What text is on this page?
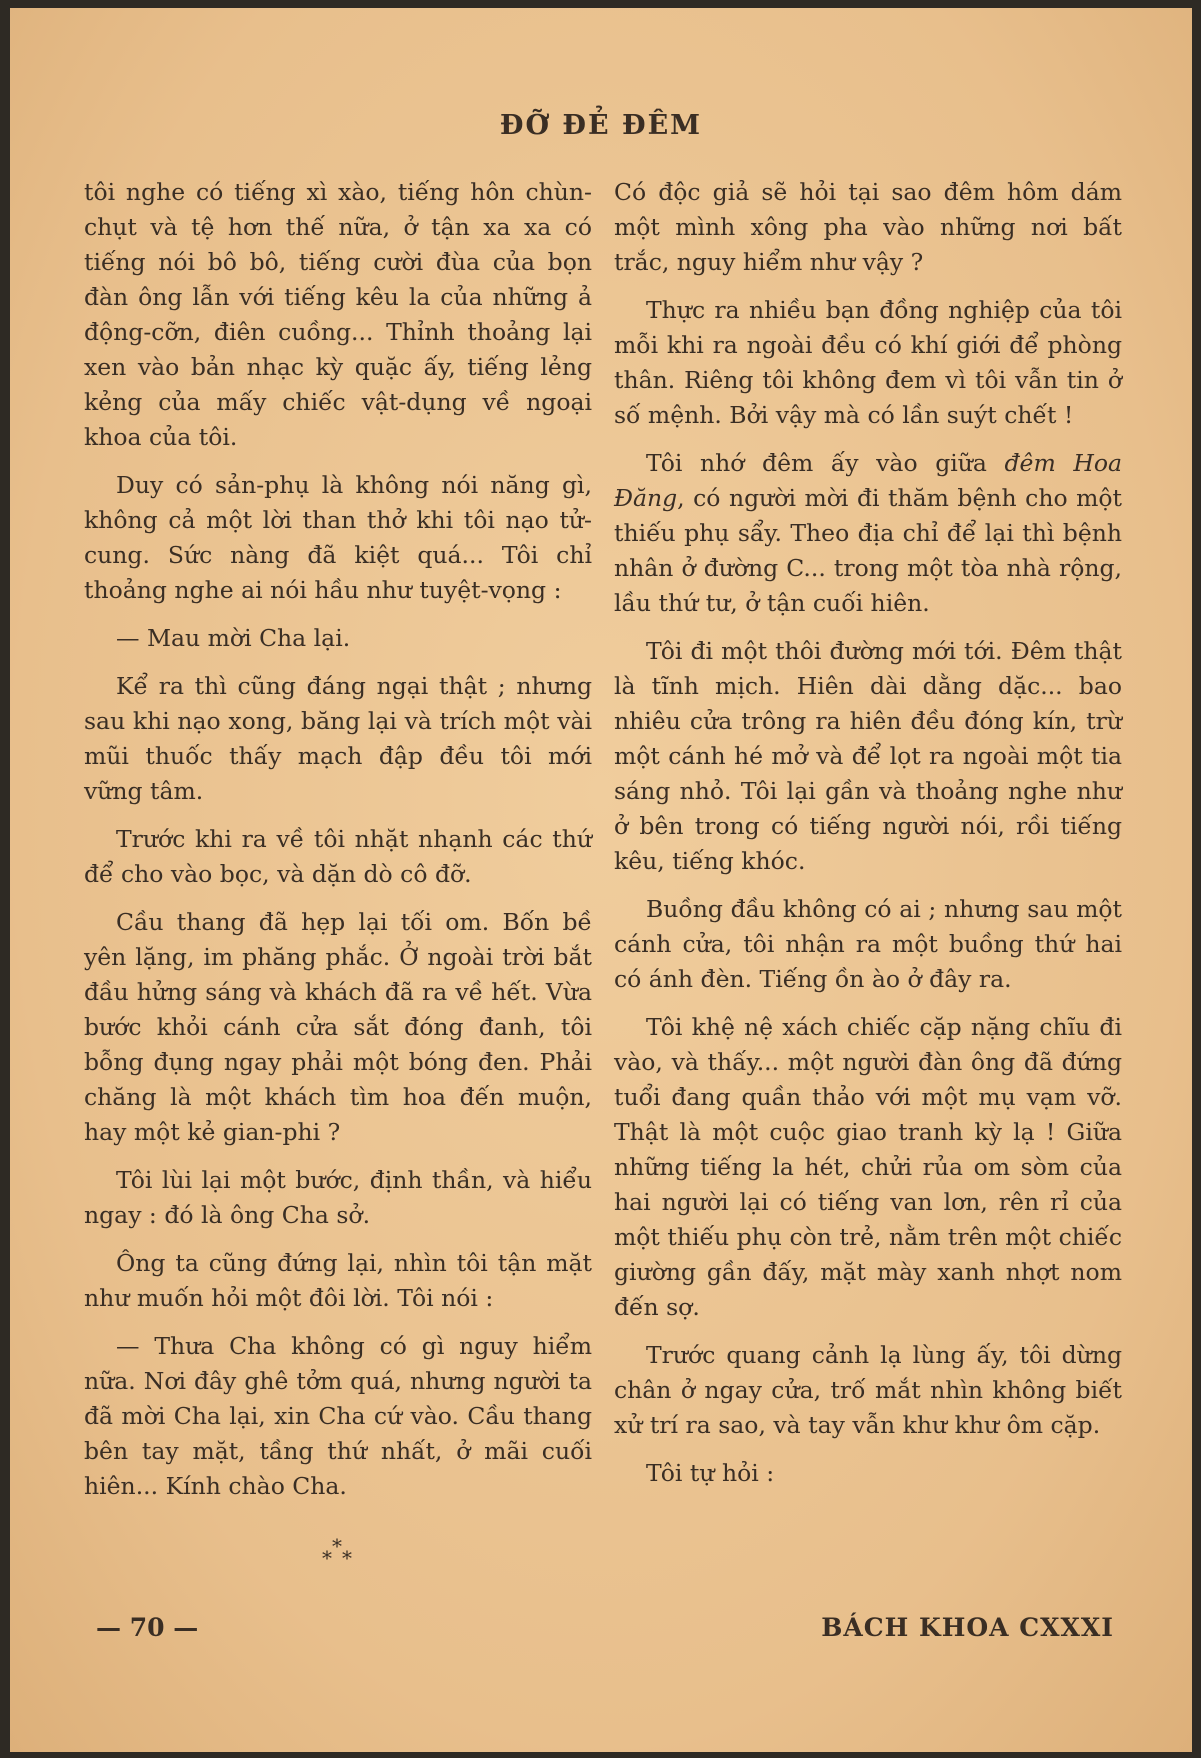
ĐỠ ĐẺ ĐÊM

tôi nghe có tiếng xì xào, tiếng hôn chùn-chụt và tệ hơn thế nữa, ở tận xa xa có tiếng nói bô bô, tiếng cười đùa của bọn đàn ông lẫn với tiếng kêu la của những ả động-cỡn, điên cuồng... Thỉnh thoảng lại xen vào bản nhạc kỳ quặc ấy, tiếng lẻng kẻng của mấy chiếc vật-dụng về ngoại khoa của tôi.

Duy có sản-phụ là không nói năng gì, không cả một lời than thở khi tôi nạo tử-cung. Sức nàng đã kiệt quá... Tôi chỉ thoảng nghe ai nói hầu như tuyệt-vọng :

— Mau mời Cha lại.

Kể ra thì cũng đáng ngại thật ; nhưng sau khi nạo xong, băng lại và trích một vài mũi thuốc thấy mạch đập đều tôi mới vững tâm.

Trước khi ra về tôi nhặt nhạnh các thứ để cho vào bọc, và dặn dò cô đỡ.

Cầu thang đã hẹp lại tối om. Bốn bề yên lặng, im phăng phắc. Ở ngoài trời bắt đầu hửng sáng và khách đã ra về hết. Vừa bước khỏi cánh cửa sắt đóng đanh, tôi bỗng đụng ngay phải một bóng đen. Phải chăng là một khách tìm hoa đến muộn, hay một kẻ gian-phi ?

Tôi lùi lại một bước, định thần, và hiểu ngay : đó là ông Cha sở.

Ông ta cũng đứng lại, nhìn tôi tận mặt như muốn hỏi một đôi lời. Tôi nói :

— Thưa Cha không có gì nguy hiểm nữa. Nơi đây ghê tởm quá, nhưng người ta đã mời Cha lại, xin Cha cứ vào. Cầu thang bên tay mặt, tầng thứ nhất, ở mãi cuối hiên... Kính chào Cha.

*
* *

Có độc giả sẽ hỏi tại sao đêm hôm dám một mình xông pha vào những nơi bất trắc, nguy hiểm như vậy ?

Thực ra nhiều bạn đồng nghiệp của tôi mỗi khi ra ngoài đều có khí giới để phòng thân. Riêng tôi không đem vì tôi vẫn tin ở số mệnh. Bởi vậy mà có lần suýt chết !

Tôi nhớ đêm ấy vào giữa đêm Hoa Đăng, có người mời đi thăm bệnh cho một thiếu phụ sẩy. Theo địa chỉ để lại thì bệnh nhân ở đường C... trong một tòa nhà rộng, lầu thứ tư, ở tận cuối hiên.

Tôi đi một thôi đường mới tới. Đêm thật là tĩnh mịch. Hiên dài dằng dặc... bao nhiêu cửa trông ra hiên đều đóng kín, trừ một cánh hé mở và để lọt ra ngoài một tia sáng nhỏ. Tôi lại gần và thoảng nghe như ở bên trong có tiếng người nói, rồi tiếng kêu, tiếng khóc.

Buồng đầu không có ai ; nhưng sau một cánh cửa, tôi nhận ra một buồng thứ hai có ánh đèn. Tiếng ồn ào ở đây ra.

Tôi khệ nệ xách chiếc cặp nặng chĩu đi vào, và thấy... một người đàn ông đã đứng tuổi đang quần thảo với một mụ vạm vỡ. Thật là một cuộc giao tranh kỳ lạ ! Giữa những tiếng la hét, chửi rủa om sòm của hai người lại có tiếng van lơn, rên rỉ của một thiếu phụ còn trẻ, nằm trên một chiếc giường gần đấy, mặt mày xanh nhợt nom đến sợ.

Trước quang cảnh lạ lùng ấy, tôi dừng chân ở ngay cửa, trố mắt nhìn không biết xử trí ra sao, và tay vẫn khư khư ôm cặp.

Tôi tự hỏi :

— 70 —	BÁCH KHOA CXXXI
